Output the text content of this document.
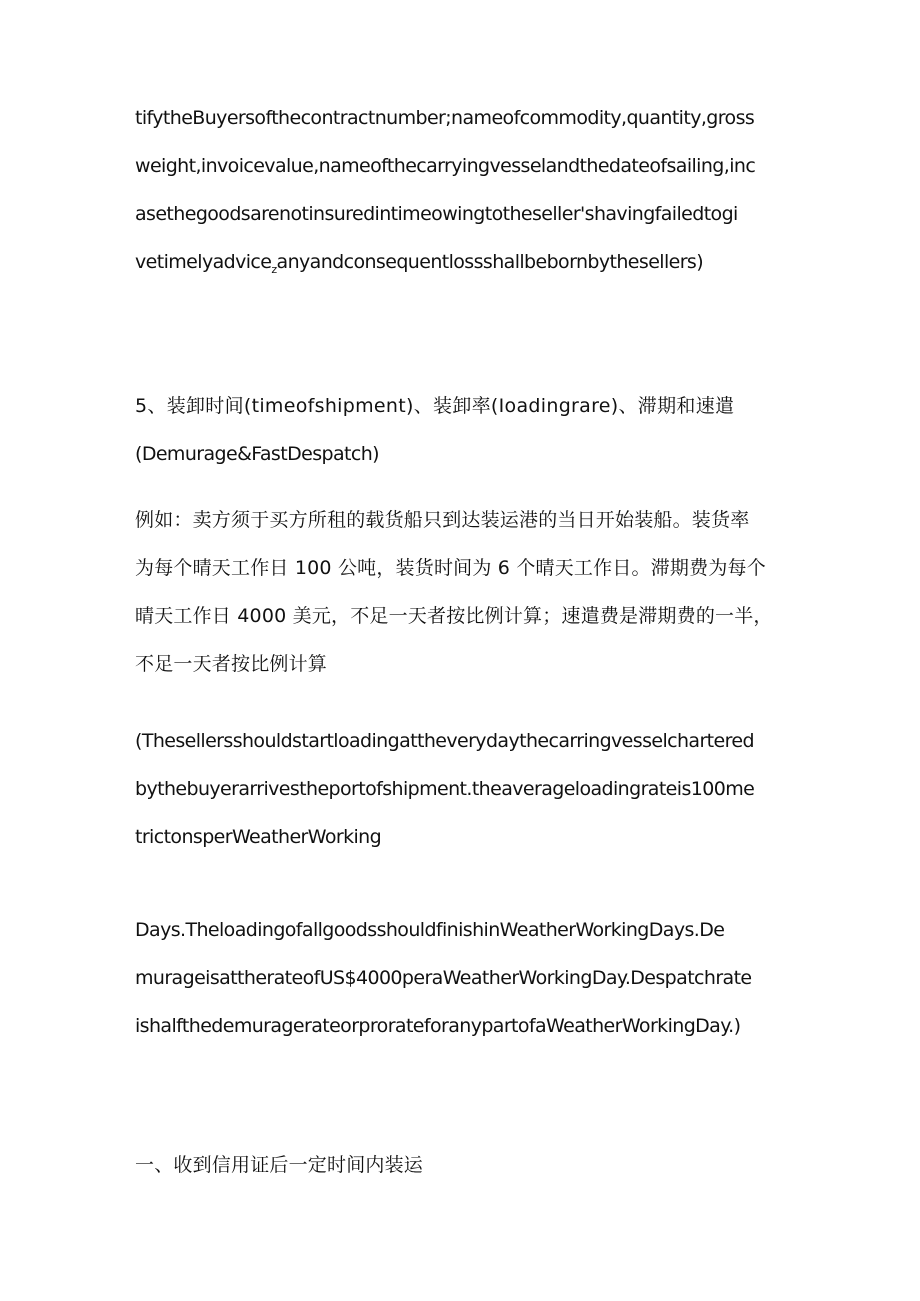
tifytheBuyersofthecontractnumber;nameofcommodity,quantity,gross
weight,invoicevalue,nameofthecarryingvesselandthedateofsailing,inc
asethegoodsarenotinsuredintimeowingtotheseller'shavingfailedtogi
vetimelyadvice$_z$anyandconsequentlossshallbebornbythesellers)
5、装卸时间(timeofshipment)、装卸率(Ioadingrare)、滞期和速遣
(Demurage&FastDespatch)
例如：卖方须于买方所租的载货船只到达装运港的当日开始装船。装货率
为每个晴天工作日 100 公吨，装货时间为 6 个晴天工作日。滞期费为每个
晴天工作日 4000 美元，不足一天者按比例计算；速遣费是滞期费的一半，
不足一天者按比例计算
(Thesellersshouldstartloadingattheverydaythecarringvesselchartered
bythebuyerarrivestheportofshipment.theaverageloadingrateis100me
trictonsperWeatherWorking
Days.TheloadingofallgoodsshouldfinishinWeatherWorkingDays.De
murageisattherateofUS$4000peraWeatherWorkingDay.Despatchrate
ishalfthedemuragerateorprorateforanypartofaWeatherWorkingDay.)
一、收到信用证后一定时间内装运
